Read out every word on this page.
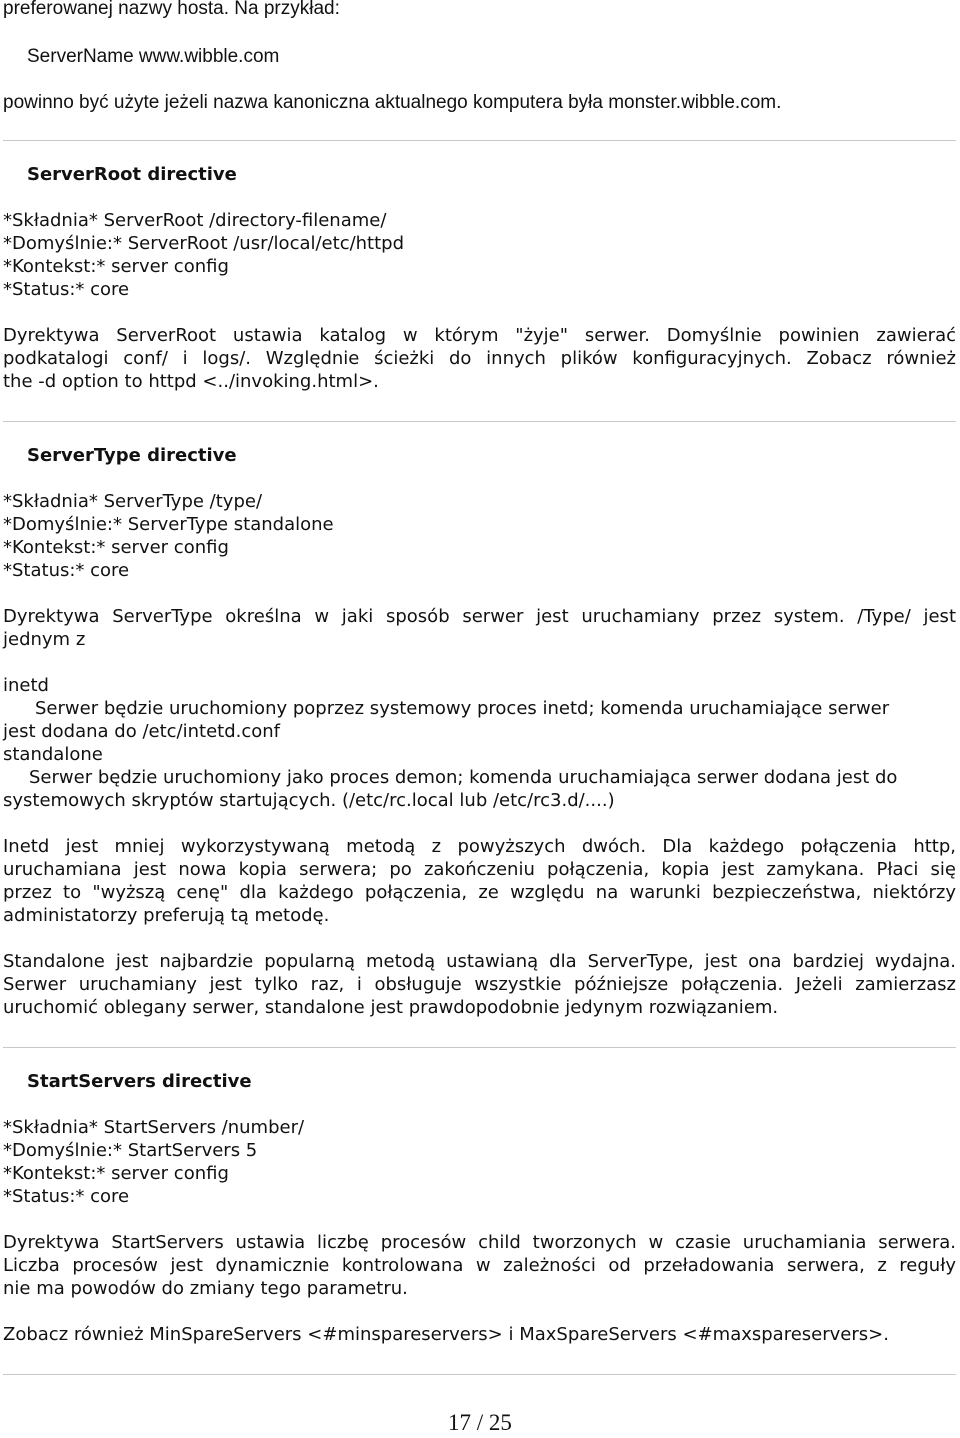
preferowanej nazwy hosta. Na przykład:
ServerName www.wibble.com
powinno być użyte jeżeli nazwa kanoniczna aktualnego komputera była monster.wibble.com.
ServerRoot directive
*Składnia* ServerRoot /directory-filename/
*Domyślnie:* ServerRoot /usr/local/etc/httpd
*Kontekst:* server config
*Status:* core
Dyrektywa ServerRoot ustawia katalog w którym "żyje" serwer. Domyślnie powinien zawierać
podkatalogi conf/ i logs/. Względnie ścieżki do innych plików konfiguracyjnych. Zobacz również
the -d option to httpd <../invoking.html>.
ServerType directive
*Składnia* ServerType /type/
*Domyślnie:* ServerType standalone
*Kontekst:* server config
*Status:* core
Dyrektywa ServerType określna w jaki sposób serwer jest uruchamiany przez system. /Type/ jest
jednym z
inetd
Serwer będzie uruchomiony poprzez systemowy proces inetd; komenda uruchamiające serwer
jest dodana do /etc/intetd.conf
standalone
Serwer będzie uruchomiony jako proces demon; komenda uruchamiająca serwer dodana jest do
systemowych skryptów startujących. (/etc/rc.local lub /etc/rc3.d/....)
Inetd jest mniej wykorzystywaną metodą z powyższych dwóch. Dla każdego połączenia http,
uruchamiana jest nowa kopia serwera; po zakończeniu połączenia, kopia jest zamykana. Płaci się
przez to "wyższą cenę" dla każdego połączenia, ze względu na warunki bezpieczeństwa, niektórzy
administatorzy preferują tą metodę.
Standalone jest najbardzie popularną metodą ustawianą dla ServerType, jest ona bardziej wydajna.
Serwer uruchamiany jest tylko raz, i obsługuje wszystkie późniejsze połączenia. Jeżeli zamierzasz
uruchomić oblegany serwer, standalone jest prawdopodobnie jedynym rozwiązaniem.
StartServers directive
*Składnia* StartServers /number/
*Domyślnie:* StartServers 5
*Kontekst:* server config
*Status:* core
Dyrektywa StartServers ustawia liczbę procesów child tworzonych w czasie uruchamiania serwera.
Liczba procesów jest dynamicznie kontrolowana w zależności od przeładowania serwera, z reguły
nie ma powodów do zmiany tego parametru.
Zobacz również MinSpareServers <#minspareservers> i MaxSpareServers <#maxspareservers>.
17 / 25
